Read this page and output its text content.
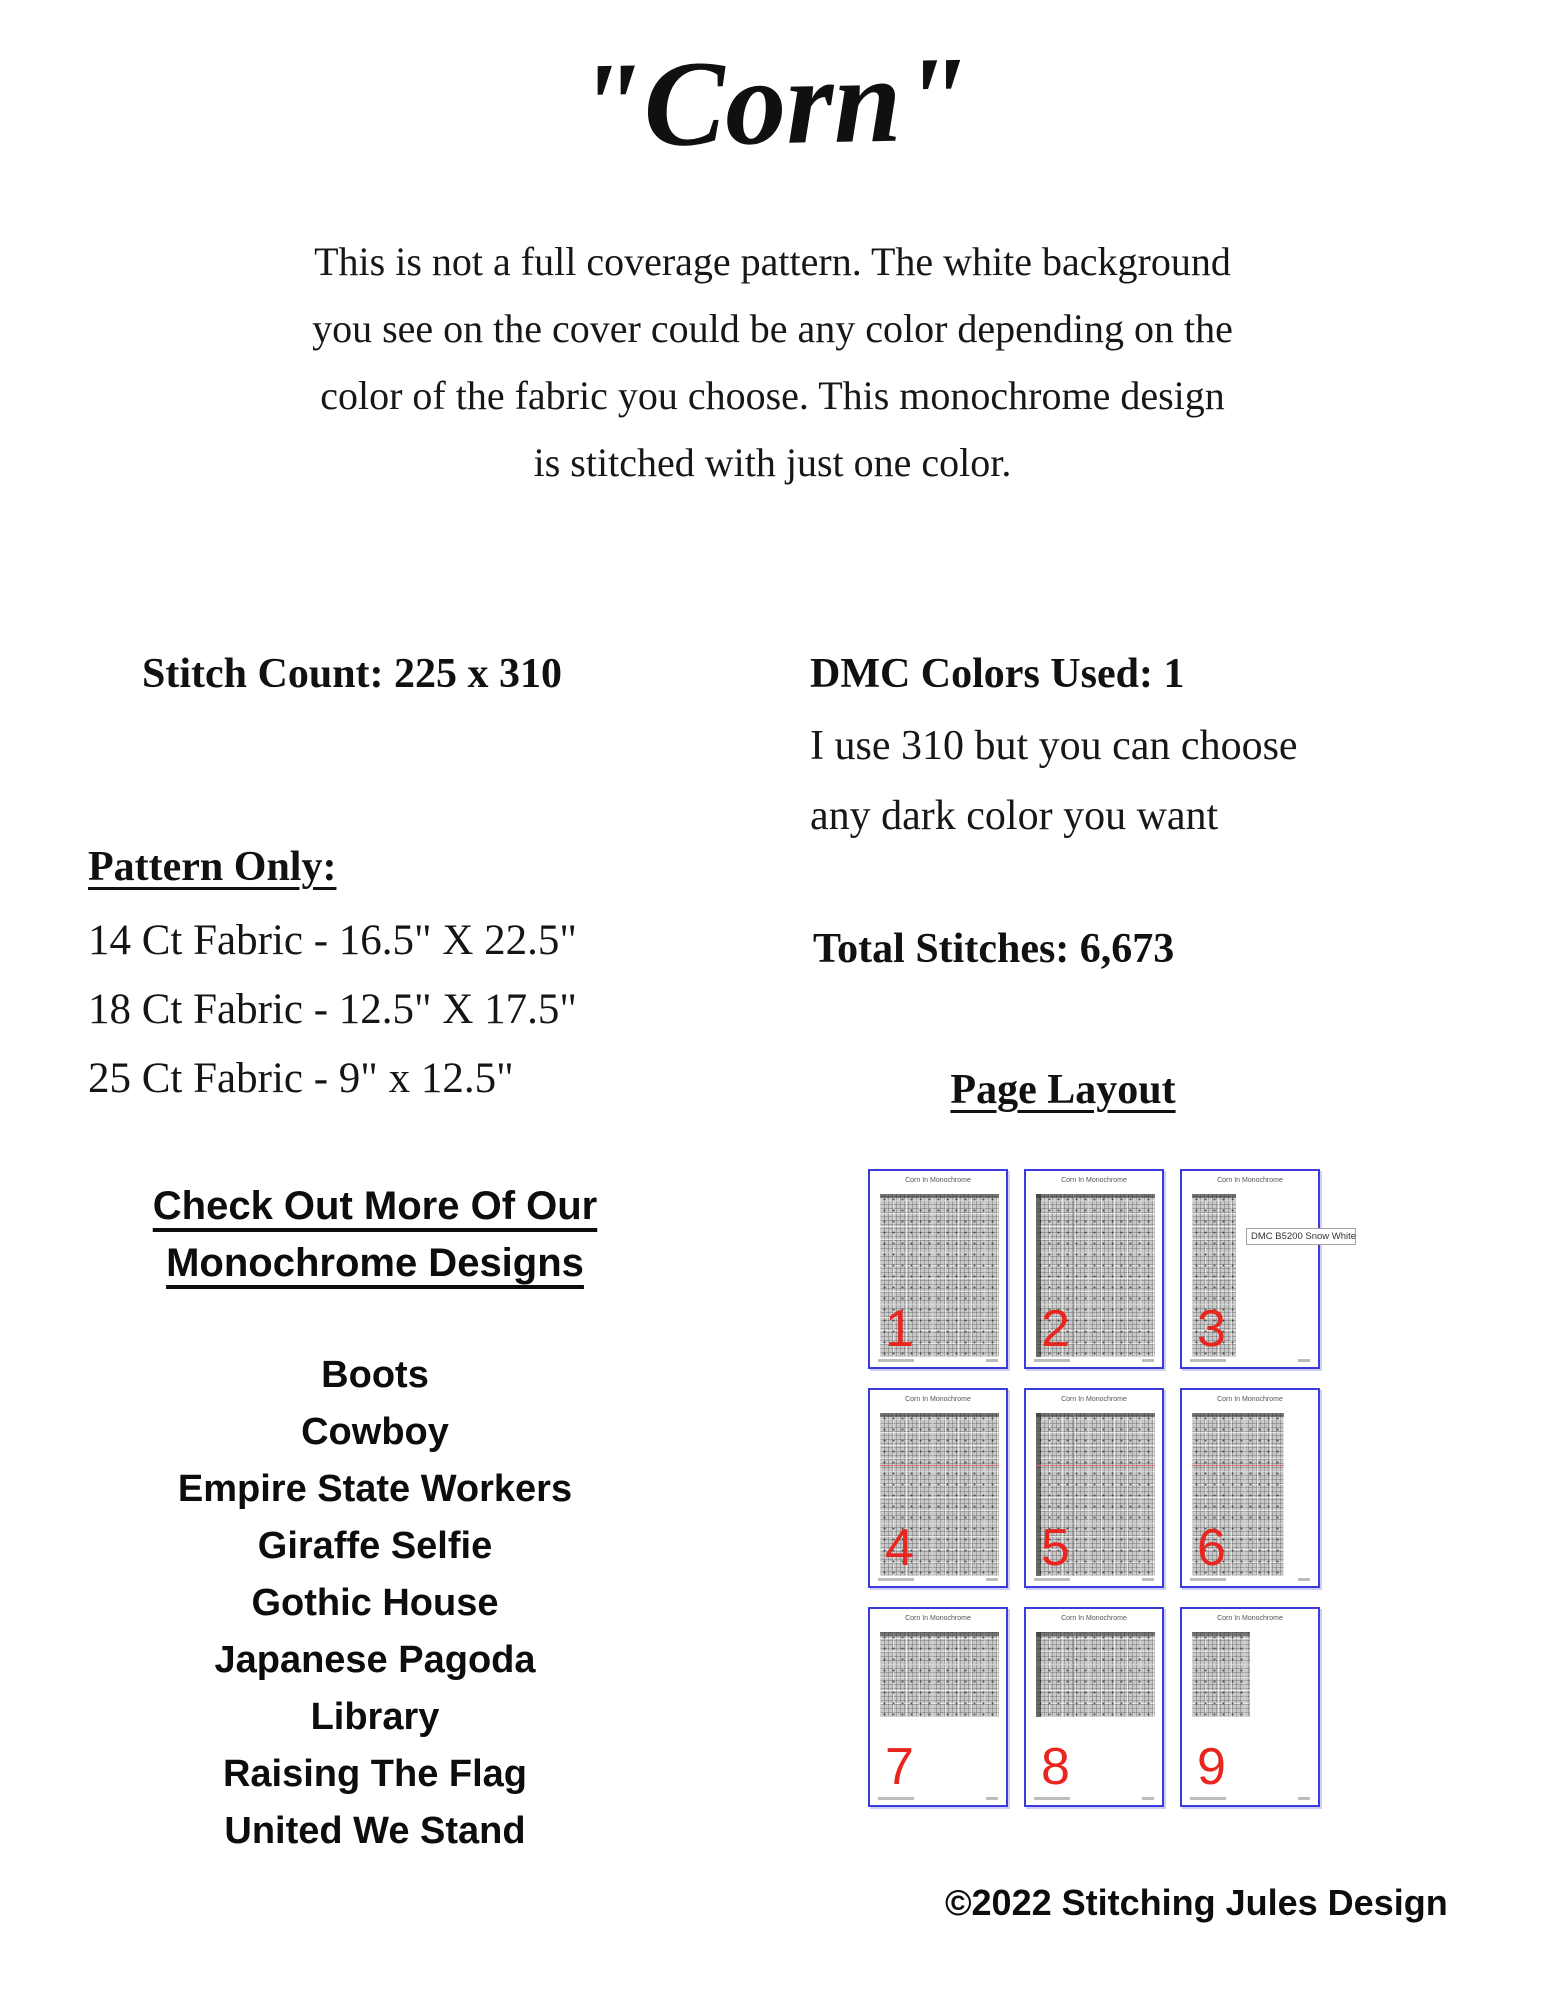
"Corn"
This is not a full coverage pattern. The white background
you see on the cover could be any color depending on the
color of the fabric you choose. This monochrome design
is stitched with just one color.
Stitch Count: 225 x 310	DMC Colors Used: 1
I use 310 but you can choose
any dark color you want
Pattern Only:
14 Ct Fabric - 16.5" X 22.5"
18 Ct Fabric - 12.5" X 17.5"
25 Ct Fabric - 9" x 12.5"
Total Stitches: 6,673
Page Layout
Check Out More Of Our
Monochrome Designs
Boots
Cowboy
Empire State Workers
Giraffe Selfie
Gothic House
Japanese Pagoda
Library
Raising The Flag
United We Stand
Corn In Monochrome
1
Corn In Monochrome
2
Corn In Monochrome
DMC B5200 Snow White
3
Corn In Monochrome
4
Corn In Monochrome
5
Corn In Monochrome
6
Corn In Monochrome
7
Corn In Monochrome
8
Corn In Monochrome
9
©2022 Stitching Jules Design
